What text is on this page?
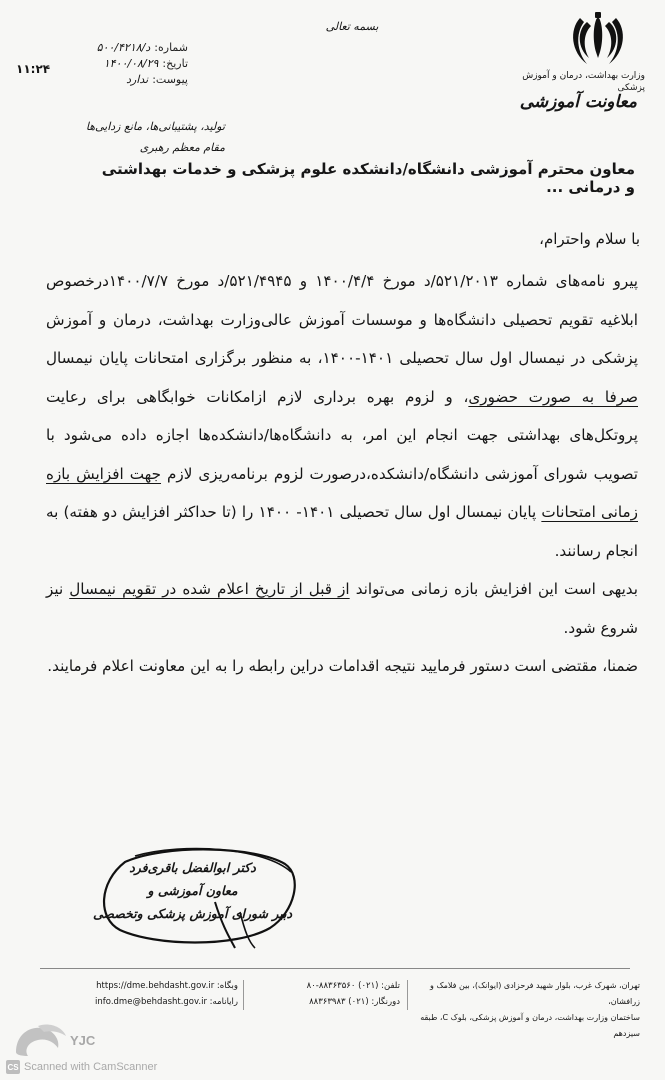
وزارت بهداشت، درمان و آموزش پزشکی
معاونت آموزشی
بسمه تعالی
شماره:
د/۵۰۰/۴۲۱۸
تاریخ:
۱۴۰۰/۰۸/۲۹
پیوست:
ندارد
۱۱:۲۴
تولید، پشتیبانی‌ها، مانع زدایی‌ها
مقام معظم رهبری
معاون محترم آموزشی دانشگاه/دانشکده علوم پزشکی و خدمات بهداشتی و درمانی ...
با سلام واحترام،

پیرو نامه‌های شماره ۵۲۱/۲۰۱۳/د مورخ ۱۴۰۰/۴/۴ و ۵۲۱/۴۹۴۵/د مورخ ۱۴۰۰/۷/۷درخصوص ابلاغیه تقویم تحصیلی دانشگاه‌ها و موسسات آموزش عالی‌وزارت بهداشت، درمان و آموزش پزشکی در نیمسال اول سال تحصیلی ۱۴۰۱-۱۴۰۰، به منظور برگزاری امتحانات پایان نیمسال صرفا به صورت حضوری، و لزوم بهره برداری لازم ازامکانات خوابگاهی برای رعایت پروتکل‌های بهداشتی جهت انجام این امر، به دانشگاه‌ها/دانشکده‌ها اجازه داده می‌شود با تصویب شورای آموزشی دانشگاه/دانشکده،درصورت لزوم برنامه‌ریزی لازم جهت افزایش بازه زمانی امتحانات پایان نیمسال اول سال تحصیلی ۱۴۰۱- ۱۴۰۰ را (تا حداکثر افزایش دو هفته) به انجام رسانند.

بدیهی است این افزایش بازه زمانی می‌تواند از قبل از تاریخ اعلام شده در تقویم نیمسال نیز شروع شود.

ضمنا، مقتضی است دستور فرمایید نتیجه اقدامات دراین رابطه را به این معاونت اعلام فرمایند.

دکتر ابوالفضل باقری‌فرد
معاون آموزشی و
دبیر شورای آموزش پزشکی وتخصصی
تهران، شهرک غرب، بلوار شهید فرحزادی (ایوانک)، بین فلامک و زرافشان،
ساختمان وزارت بهداشت، درمان و آموزش پزشکی، بلوک C، طبقه سیزدهم
تلفن: (۰۲۱) ۸۸۳۶۳۵۶۰-۸۰
دورنگار: (۰۲۱) ۸۸۳۶۳۹۸۳
وبگاه: https://dme.behdasht.gov.ir
رایانامه: info.dme@behdasht.gov.ir
YJC
CS Scanned with CamScanner
